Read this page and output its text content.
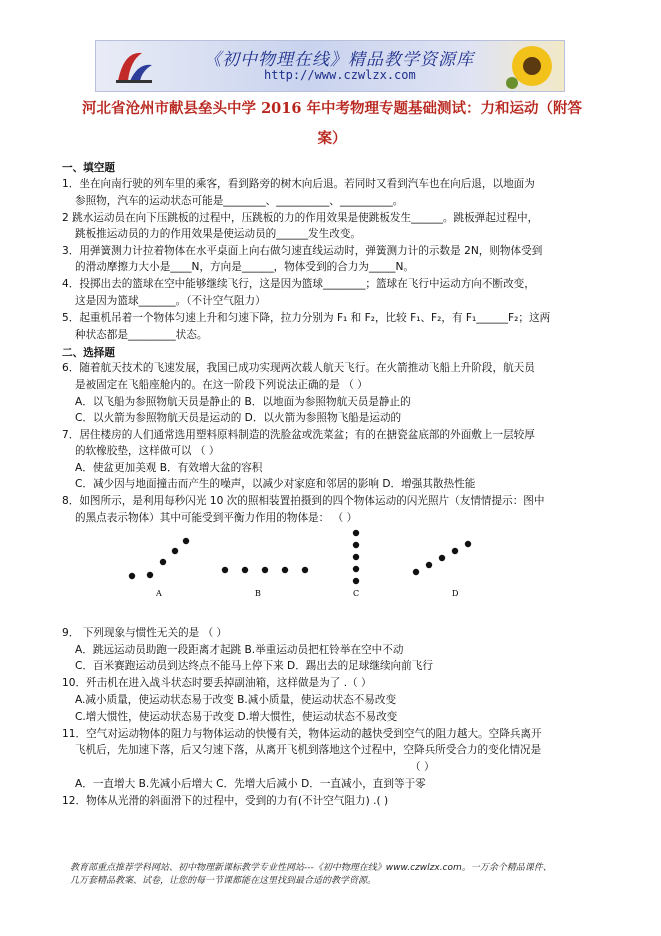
《初中物理在线》精品教学资源库
http://www.czwlzx.com
河北省沧州市献县垒头中学 2016 年中考物理专题基础测试：力和运动（附答
案）
一、填空题
1．坐在向南行驶的列车里的乘客，看到路旁的树木向后退。若同时又看到汽车也在向后退，以地面为
参照物，汽车的运动状态可能是________、__________、__________。
2 跳水运动员在向下压跳板的过程中，压跳板的力的作用效果是使跳板发生______。跳板弹起过程中，
跳板推运动员的力的作用效果是使运动员的______发生改变。
3．用弹簧测力计拉着物体在水平桌面上向右做匀速直线运动时，弹簧测力计的示数是 2N，则物体受到
的滑动摩擦力大小是____N，方向是______，物体受到的合力为_____N。
4．投掷出去的篮球在空中能够继续飞行，这是因为篮球________；篮球在飞行中运动方向不断改变，
这是因为篮球_______。（不计空气阻力）
5．起重机吊着一个物体匀速上升和匀速下降，拉力分别为 F₁ 和 F₂，比较 F₁、F₂，有 F₁______F₂；这两
种状态都是_________状态。
二、选择题
6．随着航天技术的飞速发展，我国已成功实现两次载人航天飞行。在火箭推动飞船上升阶段，航天员
是被固定在飞船座舱内的。在这一阶段下列说法正确的是 （ ）
A．以飞船为参照物航天员是静止的 B．以地面为参照物航天员是静止的
C．以火箭为参照物航天员是运动的 D．以火箭为参照物飞船是运动的
7．居住楼房的人们通常选用塑料原料制造的洗脸盆或洗菜盆；有的在搪瓷盆底部的外面敷上一层较厚
的软橡胶垫，这样做可以 （ ）
A．使盆更加美观 B．有效增大盆的容积
C．减少因与地面撞击而产生的噪声，以减少对家庭和邻居的影响 D．增强其散热性能
8．如图所示，是利用每秒闪光 10 次的照相装置拍摄到的四个物体运动的闪光照片（友情情提示：图中
的黑点表示物体）其中可能受到平衡力作用的物体是： （ ）
A	B	C	D
9． 下列现象与惯性无关的是 （ ）
A．跳远运动员助跑一段距离才起跳 B.举重运动员把杠铃举在空中不动
C．百米赛跑运动员到达终点不能马上停下来 D．踢出去的足球继续向前飞行
10．歼击机在进入战斗状态时要丢掉副油箱，这样做是为了 .（ ）
A.减小质量，使运动状态易于改变 B.减小质量，使运动状态不易改变
C.增大惯性，使运动状态易于改变 D.增大惯性，使运动状态不易改变
11．空气对运动物体的阻力与物体运动的快慢有关，物体运动的越快受到空气的阻力越大。空降兵离开
飞机后，先加速下落，后又匀速下落，从离开飞机到落地这个过程中，空降兵所受合力的变化情况是
（ ）
A．一直增大 B.先减小后增大 C．先增大后减小 D．一直减小，直到等于零
12．物体从光滑的斜面滑下的过程中，受到的力有(不计空气阻力) .( )
教育部重点推荐学科网站、初中物理新课标教学专业性网站---《初中物理在线》www.czwlzx.com。一万余个精品课件、
几万套精品教案、试卷，让您的每一节课都能在这里找到最合适的教学资源。
